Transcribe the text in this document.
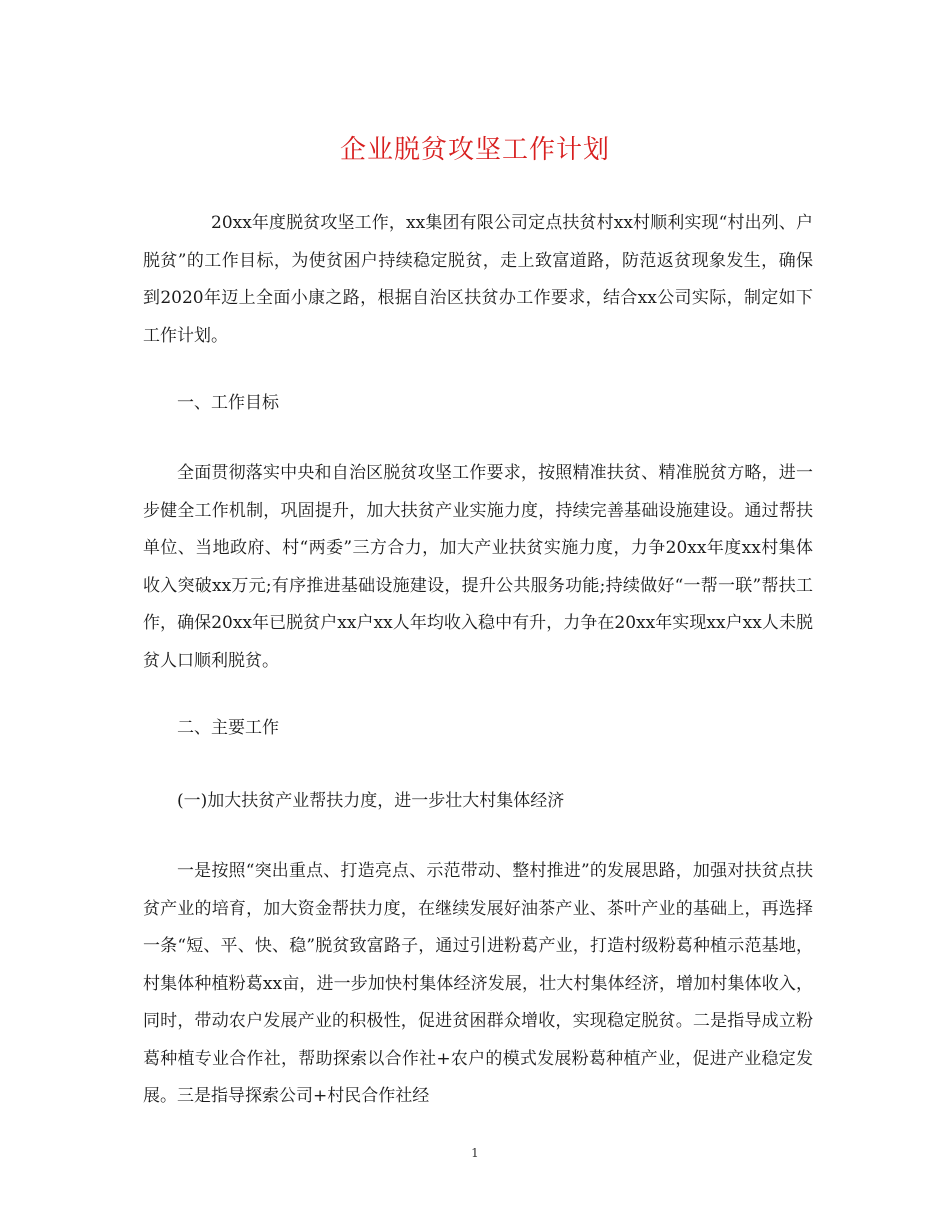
企业脱贫攻坚工作计划

20xx年度脱贫攻坚工作，xx集团有限公司定点扶贫村xx村顺利实现“村出列、户脱贫”的工作目标，为使贫困户持续稳定脱贫，走上致富道路，防范返贫现象发生，确保到2020年迈上全面小康之路，根据自治区扶贫办工作要求，结合xx公司实际，制定如下工作计划。

一、工作目标

全面贯彻落实中央和自治区脱贫攻坚工作要求，按照精准扶贫、精准脱贫方略，进一步健全工作机制，巩固提升，加大扶贫产业实施力度，持续完善基础设施建设。通过帮扶单位、当地政府、村“两委”三方合力，加大产业扶贫实施力度，力争20xx年度xx村集体收入突破xx万元;有序推进基础设施建设，提升公共服务功能;持续做好“一帮一联”帮扶工作，确保20xx年已脱贫户xx户xx人年均收入稳中有升，力争在20xx年实现xx户xx人未脱贫人口顺利脱贫。

二、主要工作

(一)加大扶贫产业帮扶力度，进一步壮大村集体经济

一是按照“突出重点、打造亮点、示范带动、整村推进”的发展思路，加强对扶贫点扶贫产业的培育，加大资金帮扶力度，在继续发展好油茶产业、茶叶产业的基础上，再选择一条“短、平、快、稳”脱贫致富路子，通过引进粉葛产业，打造村级粉葛种植示范基地，村集体种植粉葛xx亩，进一步加快村集体经济发展，壮大村集体经济，增加村集体收入，同时，带动农户发展产业的积极性，促进贫困群众增收，实现稳定脱贫。二是指导成立粉葛种植专业合作社，帮助探索以合作社+农户的模式发展粉葛种植产业，促进产业稳定发展。三是指导探索公司+村民合作社经

1
